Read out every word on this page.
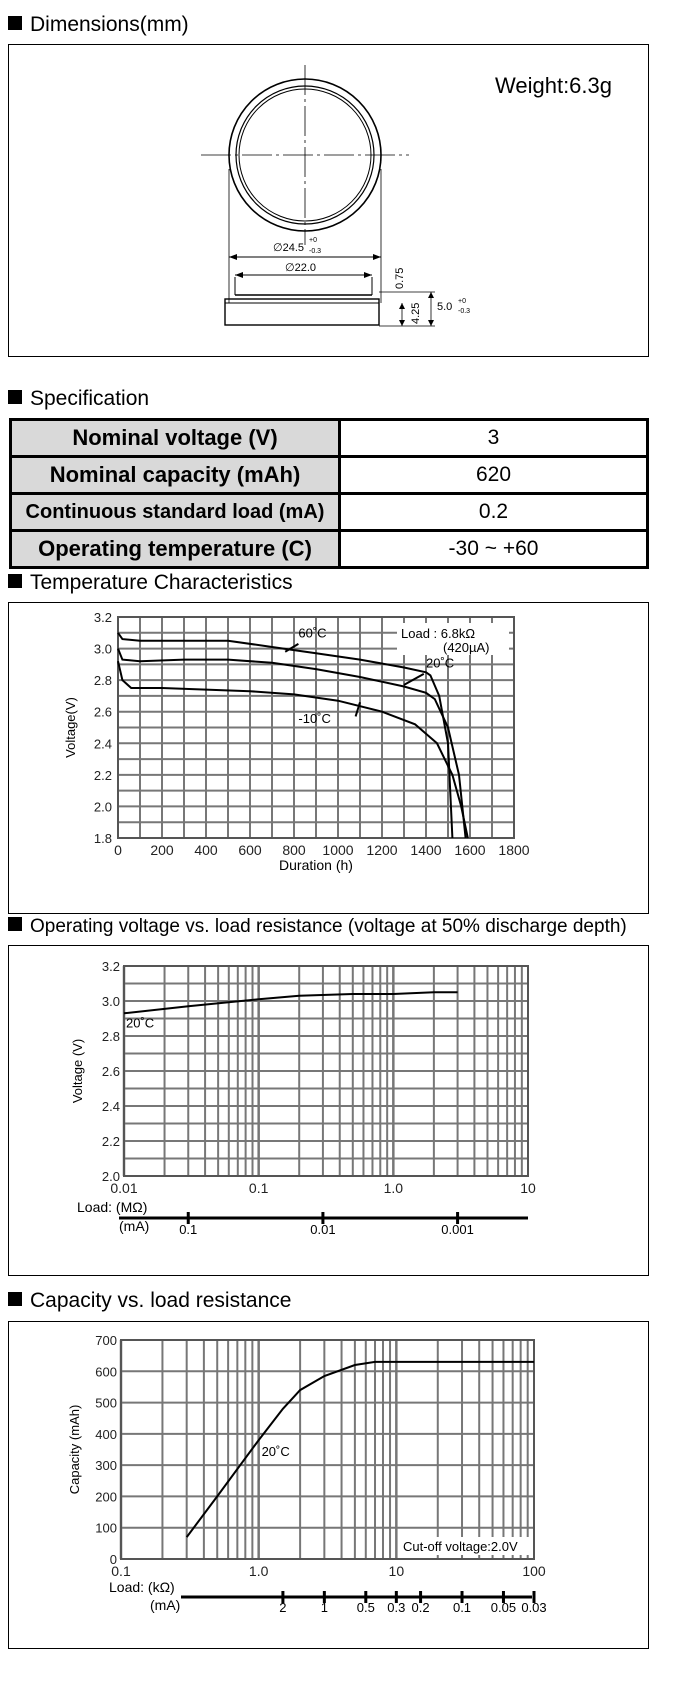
Dimensions(mm)
∅24.5
+0
-0.3
∅22.0	0.75
4.25 5.0 +0
-0.3
Weight:6.3g
Specification
Nominal voltage (V)	3
Nominal capacity (mAh)	620
Continuous standard load (mA)	0.2
Operating temperature (C)	-30 ~ +60
Temperature Characteristics
0 200 400 600 800 1000 1200 1400 1600 1800
3.2
3.0
2.8
2.6
2.4
2.2
2.0
1.8
Duration (h)
Voltage(V)
60˚C
20˚C
-10˚C
Load : 6.8kΩ
(420µA)
Operating voltage vs. load resistance (voltage at 50% discharge depth)
0.01	0.1	1.0	10
3.2
3.0
2.8
2.6
2.4
2.2
2.0
Voltage (V)
Load: (MΩ)
(mA) 0.1	0.01	0.001
20˚C
Capacity vs. load resistance
0.1	1.0	10	100
700
600
500
400
300
200
100
0
Capacity (mAh)
Load: (kΩ)
(mA)	2	1 0.5 0.3 0.2 0.1 0.05 0.03
20˚C
Cut-off voltage:2.0V
